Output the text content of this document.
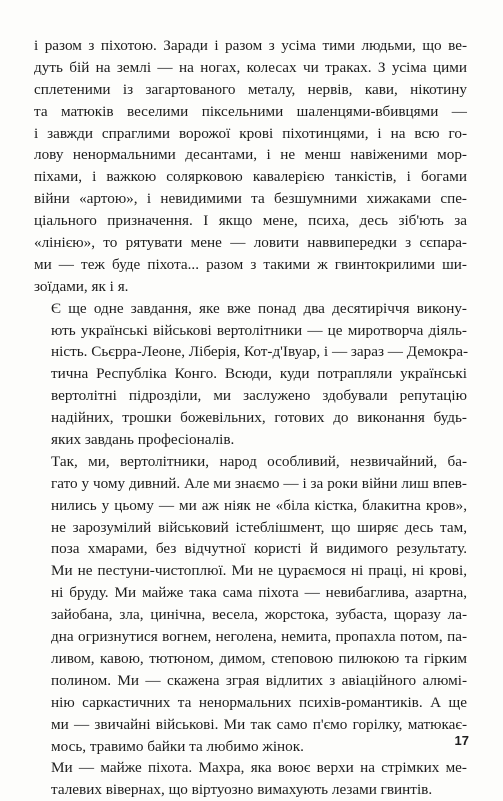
і разом з піхотою. Заради і разом з усіма тими людьми, що ве-
дуть бій на землі — на ногах, колесах чи траках. З усіма цими
сплетеними із загартованого металу, нервів, кави, нікотину
та матюків веселими піксельними шаленцями-вбивцями —
і завжди спраглими ворожої крові піхотинцями, і на всю го-
лову ненормальними десантами, і не менш навіженими мор-
піхами, і важкою солярковою кавалерією танкістів, і богами
війни «артою», і невидимими та безшумними хижаками спе-
ціального призначення. І якщо мене, психа, десь зіб'ють за
«лінією», то рятувати мене — ловити наввипередки з сєпара-
ми — теж буде піхота... разом з такими ж гвинтокрилими ши-
зоїдами, як і я.

Є ще одне завдання, яке вже понад два десятиріччя викону-
ють українські військові вертолітники — це миротворча діяль-
ність. Сьєрра-Леоне, Ліберія, Кот-д'Івуар, і — зараз — Демокра-
тична Республіка Конго. Всюди, куди потрапляли українські
вертолітні підрозділи, ми заслужено здобували репутацію
надійних, трошки божевільних, готових до виконання будь-
яких завдань професіоналів.

Так, ми, вертолітники, народ особливий, незвичайний, ба-
гато у чому дивний. Але ми знаємо — і за роки війни лиш впев-
нились у цьому — ми аж ніяк не «біла кістка, блакитна кров»,
не зарозумілий військовий істеблішмент, що ширяє десь там,
поза хмарами, без відчутної користі й видимого результату.
Ми не пестуни-чистоплюї. Ми не цураємося ні праці, ні крові,
ні бруду. Ми майже така сама піхота — невибаглива, азартна,
зайобана, зла, цинічна, весела, жорстока, зубаста, щоразу ла-
дна огризнутися вогнем, неголена, немита, пропахла потом, па-
ливом, кавою, тютюном, димом, степовою пилюкою та гірким
полином. Ми — скажена зграя відлитих з авіаційного алюмі-
нію саркастичних та ненормальних психів-романтиків. А ще
ми — звичайні військові. Ми так само п'ємо горілку, матюкає-
мось, травимо байки та любимо жінок.

Ми — майже піхота. Махра, яка воює верхи на стрімких ме-
талевих вівернах, що віртуозно вимахують лезами гвинтів.

17
